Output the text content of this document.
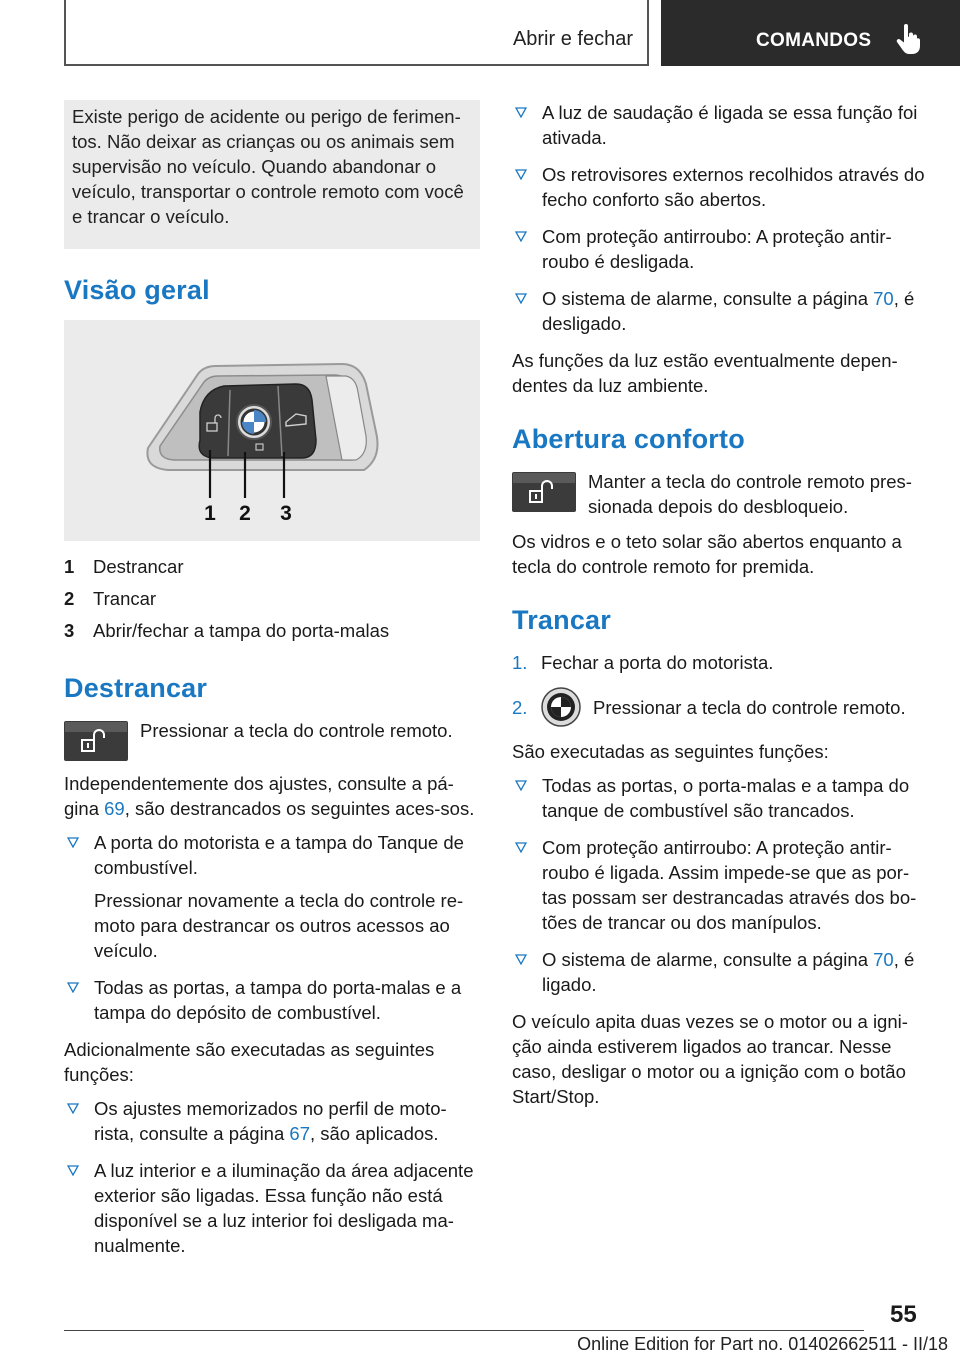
Abrir e fechar	COMANDOS
Existe perigo de acidente ou perigo de ferimen-tos. Não deixar as crianças ou os animais sem supervisão no veículo. Quando abandonar o veículo, transportar o controle remoto com você e trancar o veículo.
Visão geral
1 2 3
1	Destrancar
2	Trancar
3	Abrir/fechar a tampa do porta-malas
Destrancar
Pressionar a tecla do controle remoto.

Independentemente dos ajustes, consulte a pá-gina 69, são destrancados os seguintes aces-sos.

A porta do motorista e a tampa do Tanque de combustível.
Pressionar novamente a tecla do controle re-moto para destrancar os outros acessos ao veículo.
Todas as portas, a tampa do porta-malas e a tampa do depósito de combustível.

Adicionalmente são executadas as seguintes funções:

Os ajustes memorizados no perfil de moto-rista, consulte a página 67, são aplicados.
A luz interior e a iluminação da área adjacente exterior são ligadas. Essa função não está disponível se a luz interior foi desligada ma-nualmente.
A luz de saudação é ligada se essa função foi ativada.
Os retrovisores externos recolhidos através do fecho conforto são abertos.
Com proteção antirroubo: A proteção antir-roubo é desligada.
O sistema de alarme, consulte a página 70, é desligado.

As funções da luz estão eventualmente depen-dentes da luz ambiente.

Abertura conforto
Manter a tecla do controle remoto pres-sionada depois do desbloqueio.

Os vidros e o teto solar são abertos enquanto a tecla do controle remoto for premida.

Trancar
1. Fechar a porta do motorista.
2.	Pressionar a tecla do controle remoto.

São executadas as seguintes funções:

Todas as portas, o porta-malas e a tampa do tanque de combustível são trancados.
Com proteção antirroubo: A proteção antir-roubo é ligada. Assim impede-se que as por-tas possam ser destrancadas através dos bo-tões de trancar ou dos manípulos.
O sistema de alarme, consulte a página 70, é ligado.

O veículo apita duas vezes se o motor ou a igni-ção ainda estiverem ligados ao trancar. Nesse caso, desligar o motor ou a ignição com o botão Start/Stop.

55
Online Edition for Part no. 01402662511 - II/18
